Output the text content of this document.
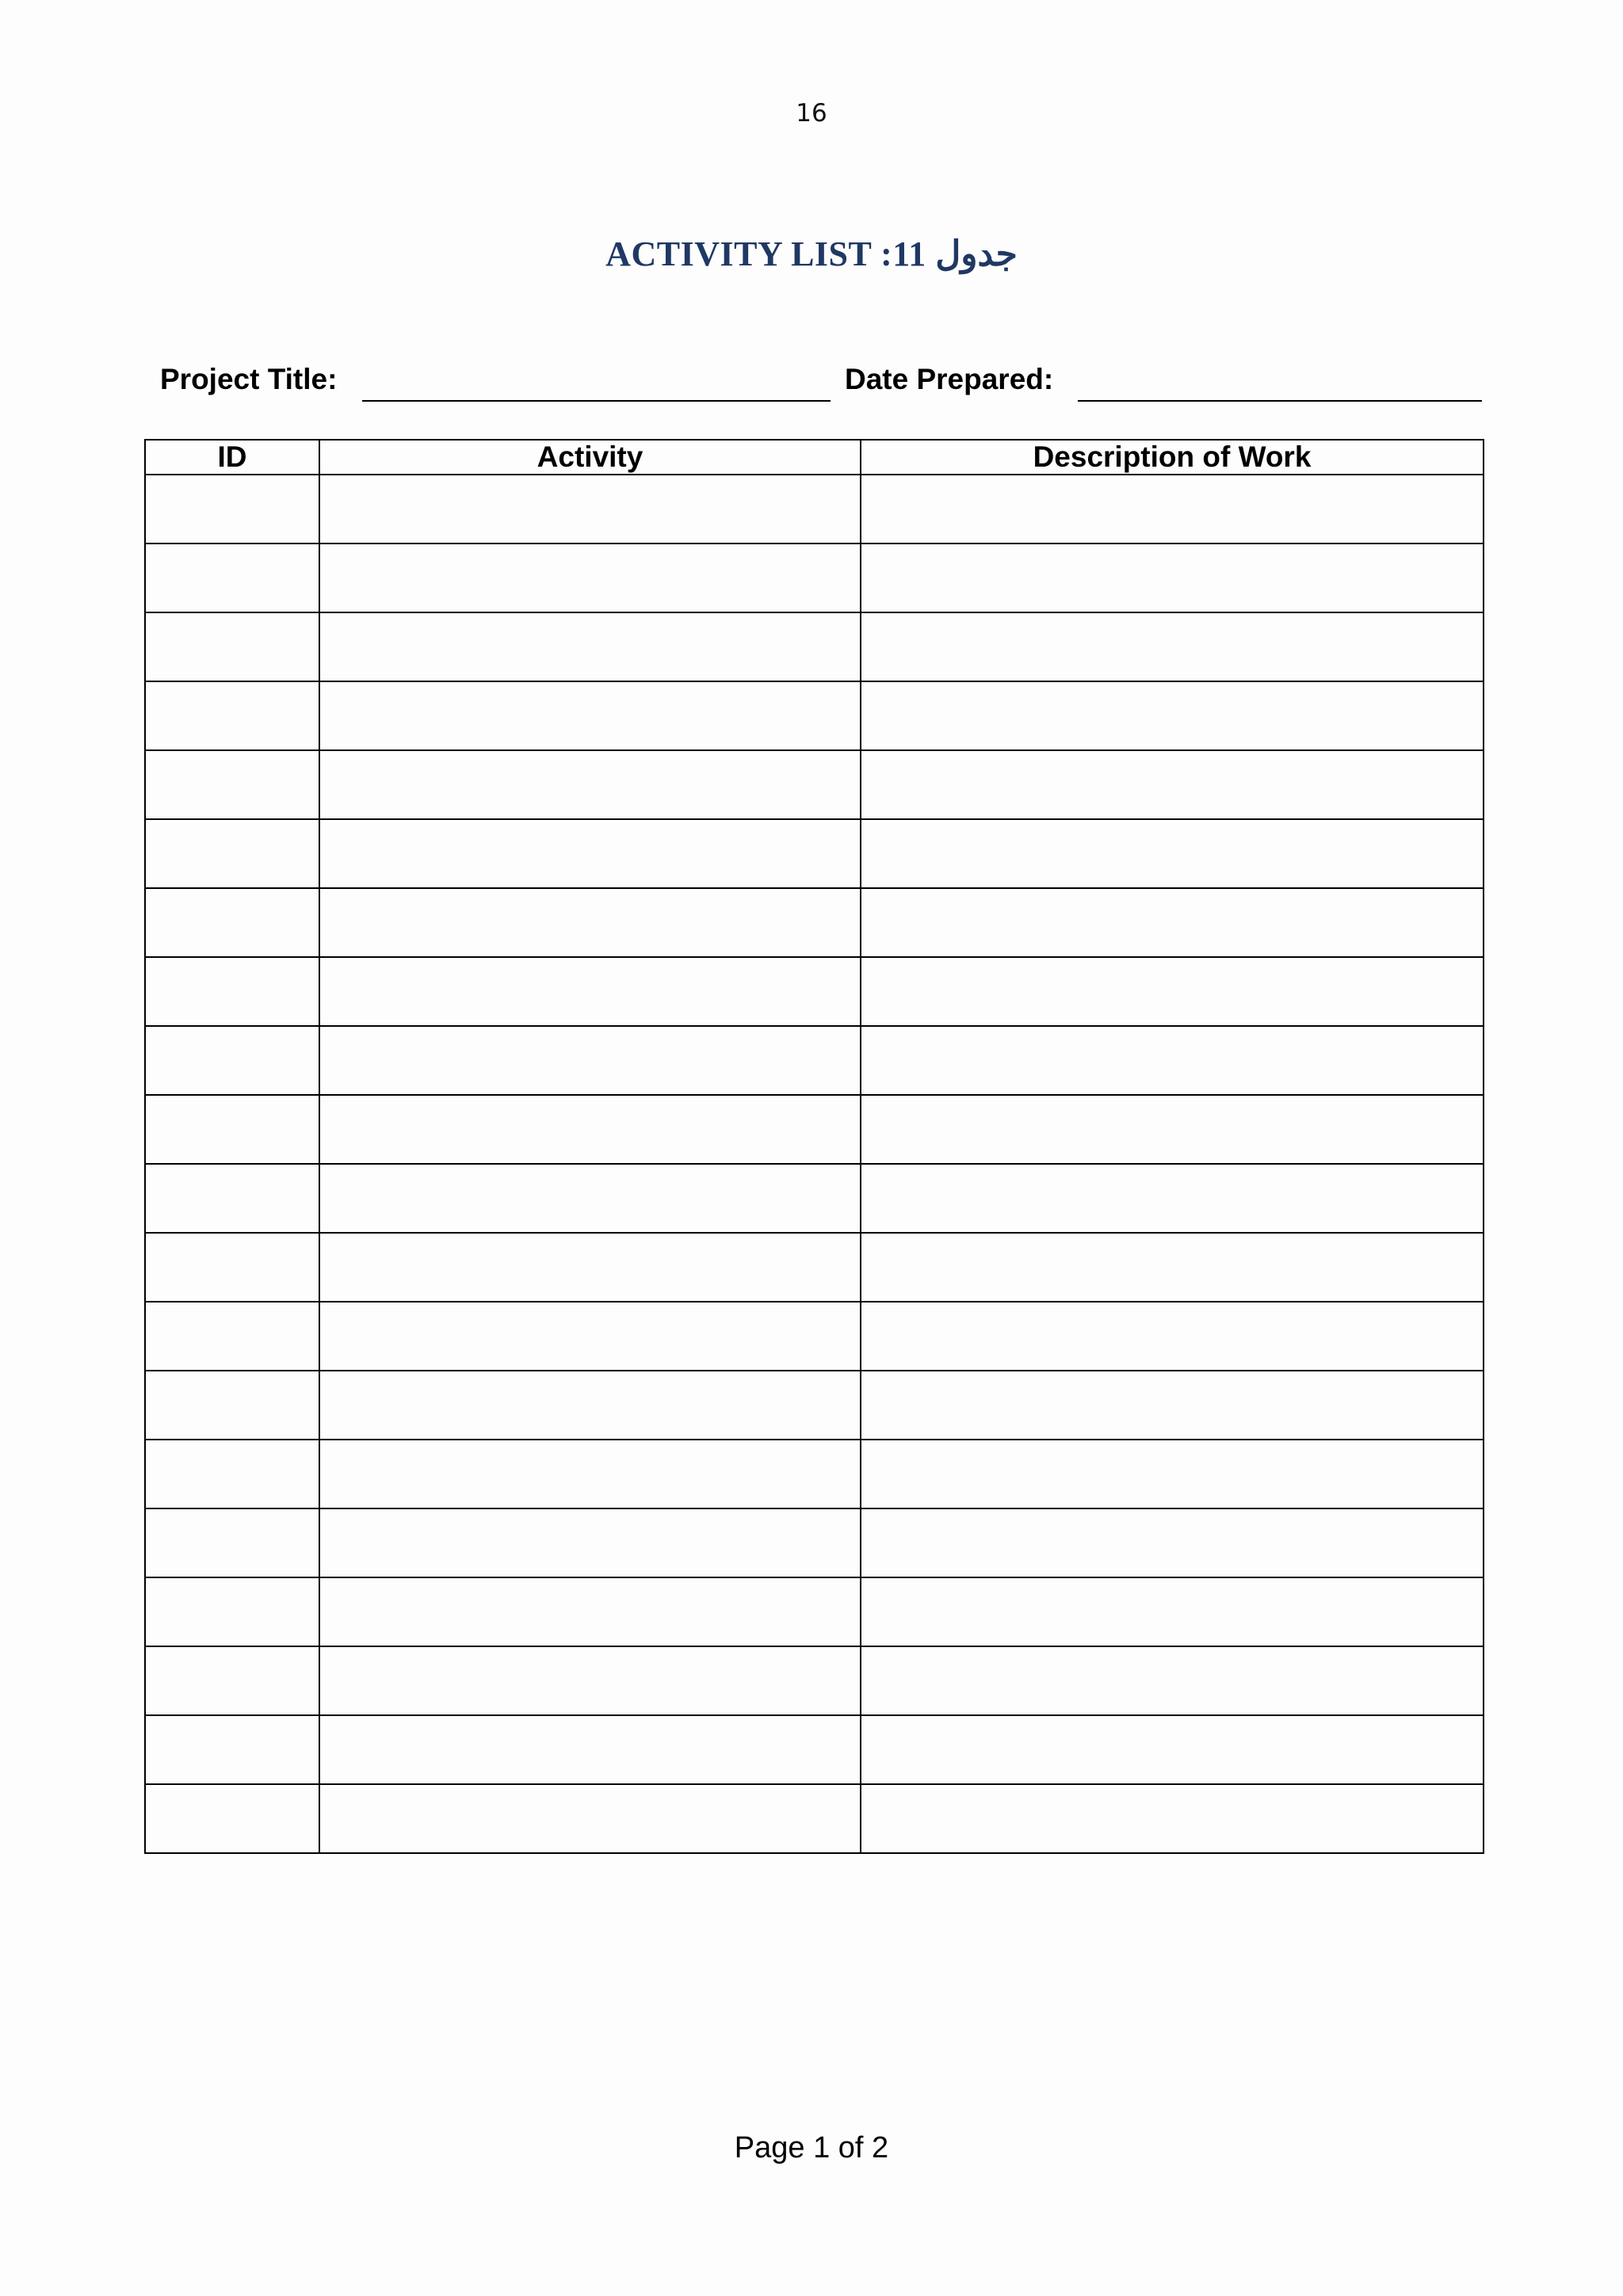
16
ACTIVITY LIST :11 جدول
Project Title:	Date Prepared:
ID	Activity	Description of Work

Page 1 of 2
